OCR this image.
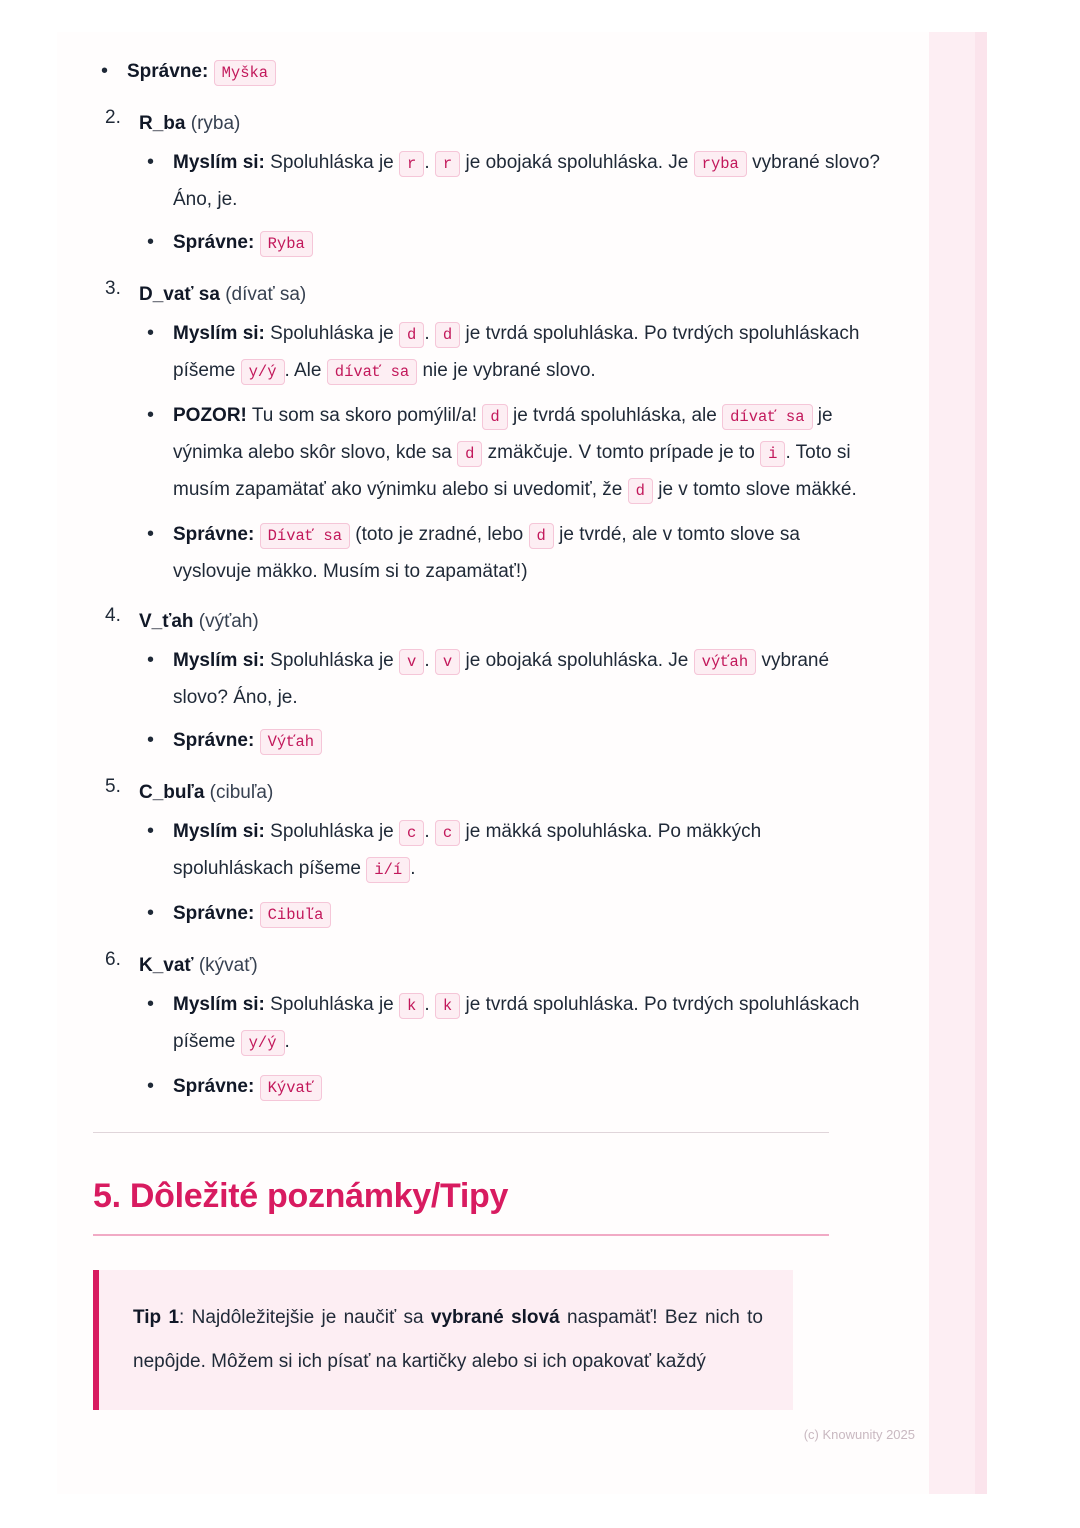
• Správne: Myška
2. R_ba (ryba)
• Myslím si: Spoluhláska je r . r je obojaká spoluhláska. Je ryba vybrané slovo? Áno, je.
• Správne: Ryba
3. D_vať sa (dívať sa)
• Myslím si: Spoluhláska je d . d je tvrdá spoluhláska. Po tvrdých spoluhláskach píšeme y/ý . Ale dívať sa nie je vybrané slovo.
• POZOR! Tu som sa skoro pomýlil/a! d je tvrdá spoluhláska, ale dívať sa je výnimka alebo skôr slovo, kde sa d zmäkčuje. V tomto prípade je to i . Toto si musím zapamätať ako výnimku alebo si uvedomiť, že d je v tomto slove mäkké.
• Správne: Dívať sa (toto je zradné, lebo d je tvrdé, ale v tomto slove sa vyslovuje mäkko. Musím si to zapamätať!)
4. V_ťah (výťah)
• Myslím si: Spoluhláska je v . v je obojaká spoluhláska. Je výťah vybrané slovo? Áno, je.
• Správne: Výťah
5. C_buľa (cibuľa)
• Myslím si: Spoluhláska je c . c je mäkká spoluhláska. Po mäkkých spoluhláskach píšeme i/í .
• Správne: Cibuľa
6. K_vať (kývať)
• Myslím si: Spoluhláska je k . k je tvrdá spoluhláska. Po tvrdých spoluhláskach píšeme y/ý .
• Správne: Kývať
5. Dôležité poznámky/Tipy

Tip 1: Najdôležitejšie je naučiť sa vybrané slová naspamäť! Bez nich to nepôjde. Môžem si ich písať na kartičky alebo si ich opakovať každý

(c) Knowunity 2025
